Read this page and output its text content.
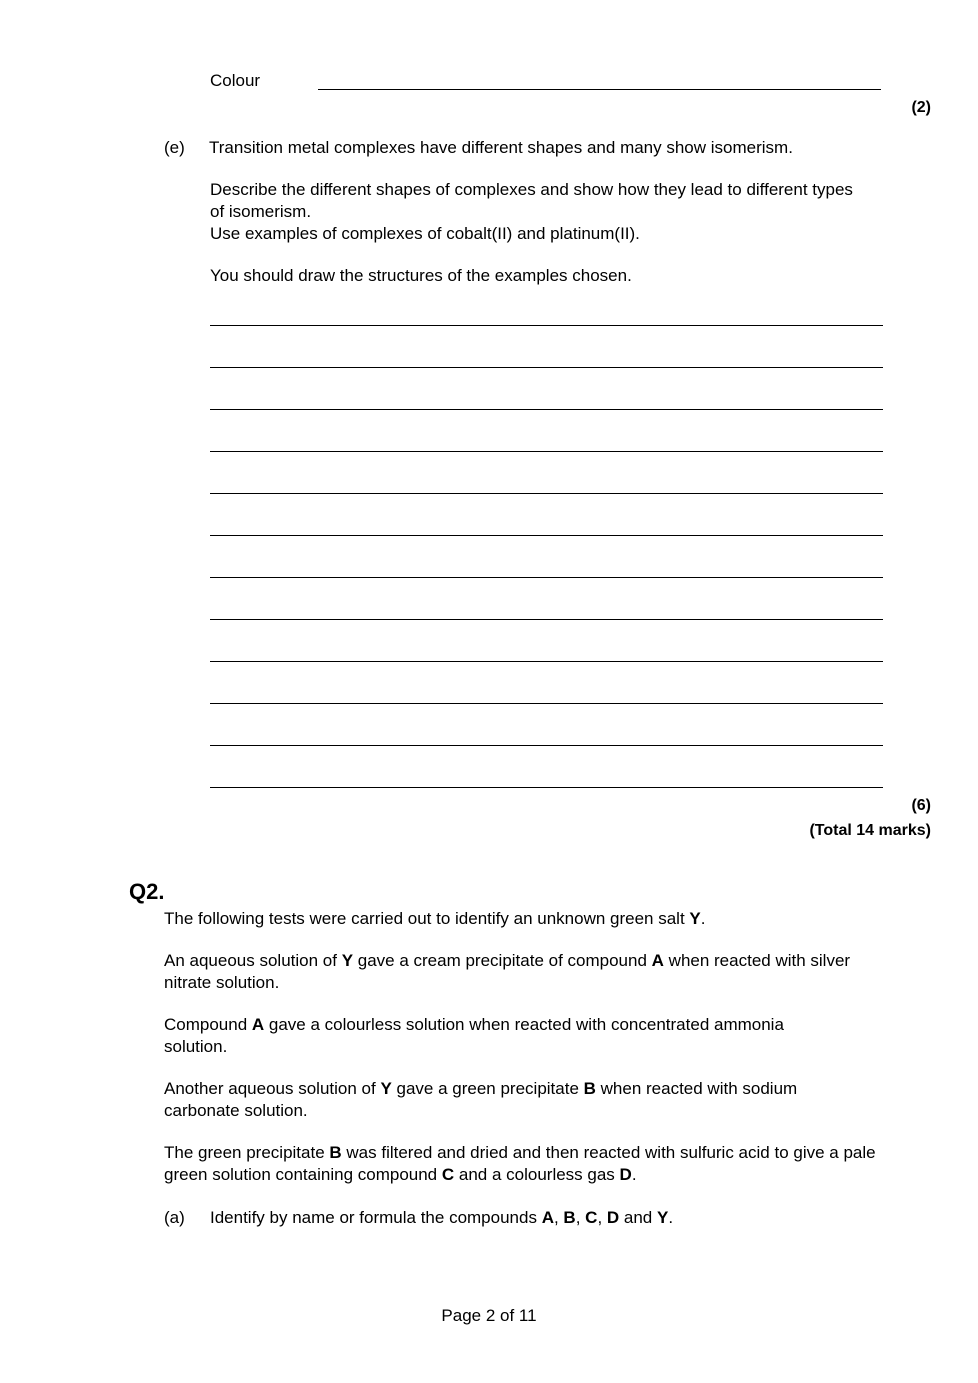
Colour
(2)
(e) Transition metal complexes have different shapes and many show isomerism.
Describe the different shapes of complexes and show how they lead to different types of isomerism.
Use examples of complexes of cobalt(II) and platinum(II).
You should draw the structures of the examples chosen.
(6)
(Total 14 marks)
Q2.
The following tests were carried out to identify an unknown green salt Y.
An aqueous solution of Y gave a cream precipitate of compound A when reacted with silver nitrate solution.
Compound A gave a colourless solution when reacted with concentrated ammonia solution.
Another aqueous solution of Y gave a green precipitate B when reacted with sodium carbonate solution.
The green precipitate B was filtered and dried and then reacted with sulfuric acid to give a pale green solution containing compound C and a colourless gas D.
(a) Identify by name or formula the compounds A, B, C, D and Y.
Page 2 of 11
